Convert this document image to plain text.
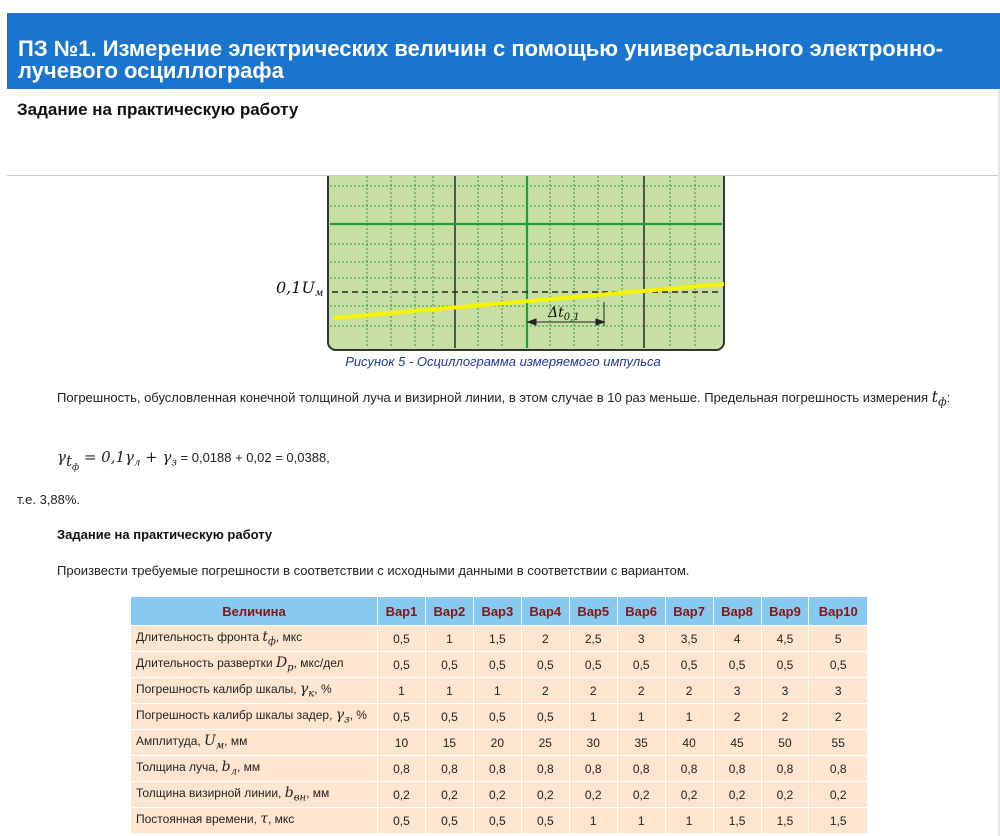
ПЗ №1. Измерение электрических величин с помощью универсального электронно-лучевого осциллографа
Задание на практическую работу
0,1Uм
$\Delta t_{0,1}$
Рисунок 5 - Осциллограмма измеряемого импульса

Погрешность, обусловленная конечной толщиной луча и визирной линии, в этом случае в 10 раз меньше. Предельная погрешность измерения $t_ф$:

$\gamma_{t_ф} = 0,1\gamma_л + \gamma_з = 0,0188 + 0,02 = 0,0388$,

т.е. 3,88%.

Задание на практическую работу

Произвести требуемые погрешности в соответствии с исходными данными в соответствии с вариантом.

Величина	Вар1	Вар2	Вар3	Вар4	Вар5	Вар6	Вар7	Вар8	Вар9	Вар10
Длительность фронта $t_ф$, мкс	0,5	1	1,5	2	2,5	3	3,5	4	4,5	5
Длительность развертки $D_р$, мкс/дел	0,5	0,5	0,5	0,5	0,5	0,5	0,5	0,5	0,5	0,5
Погрешность калибр шкалы, $\gamma_к$, %	1	1	1	2	2	2	2	3	3	3
Погрешность калибр шкалы задер, $\gamma_з$, %	0,5	0,5	0,5	0,5	1	1	1	2	2	2
Амплитуда, $U_м$, мм	10	15	20	25	30	35	40	45	50	55
Толщина луча, $b_л$, мм	0,8	0,8	0,8	0,8	0,8	0,8	0,8	0,8	0,8	0,8
Толщина визирной линии, $b_{вн}$, мм	0,2	0,2	0,2	0,2	0,2	0,2	0,2	0,2	0,2	0,2
Постоянная времени, τ, мкс	0,5	0,5	0,5	0,5	1	1	1	1,5	1,5	1,5
